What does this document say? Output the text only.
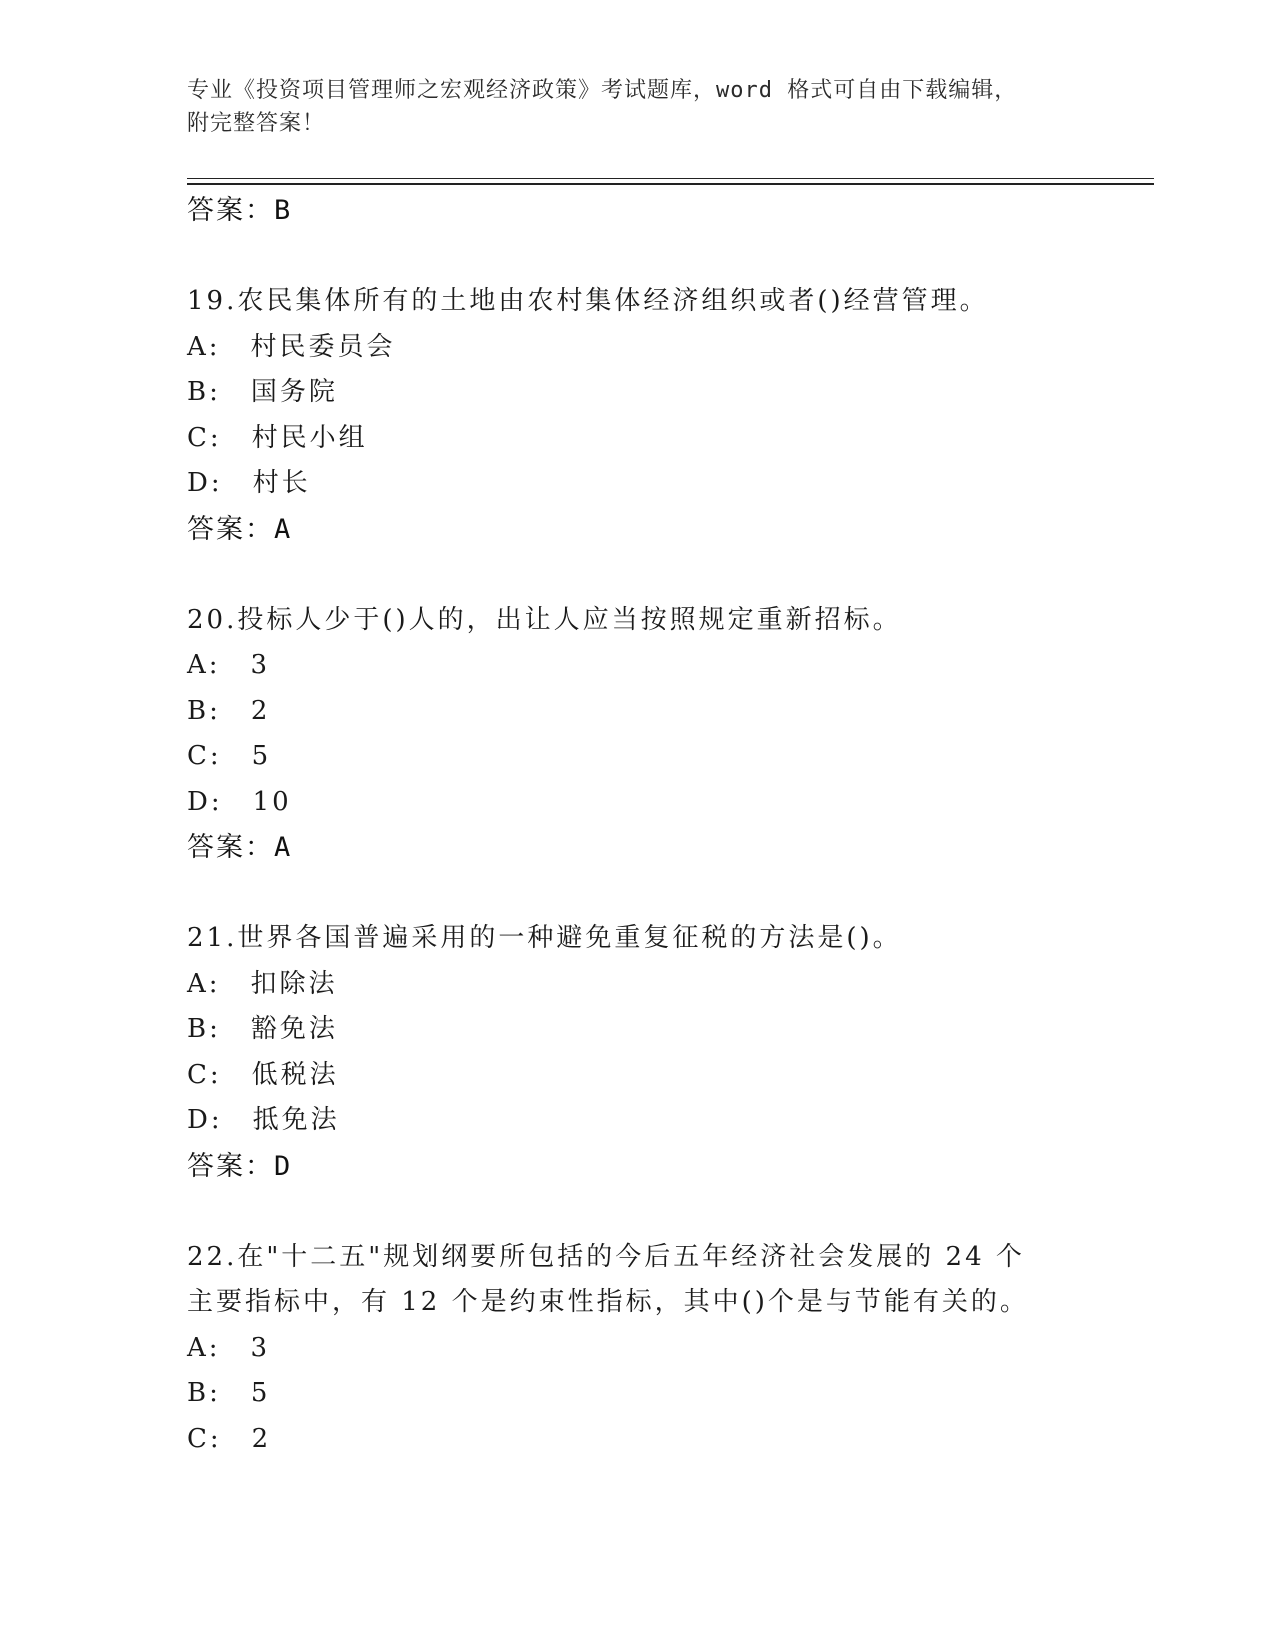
专业《投资项目管理师之宏观经济政策》考试题库，word 格式可自由下载编辑，
附完整答案！
答案：B

19.农民集体所有的土地由农村集体经济组织或者()经营管理。

A: 村民委员会
B: 国务院
C: 村民小组
D: 村长
答案：A

20.投标人少于()人的，出让人应当按照规定重新招标。

A: 3
B: 2
C: 5
D: 10
答案：A

21.世界各国普遍采用的一种避免重复征税的方法是()。

A: 扣除法
B: 豁免法
C: 低税法
D: 抵免法
答案：D

22.在"十二五"规划纲要所包括的今后五年经济社会发展的 24 个主要指标中，有 12 个是约束性指标，其中()个是与节能有关的。

A: 3
B: 5
C: 2
